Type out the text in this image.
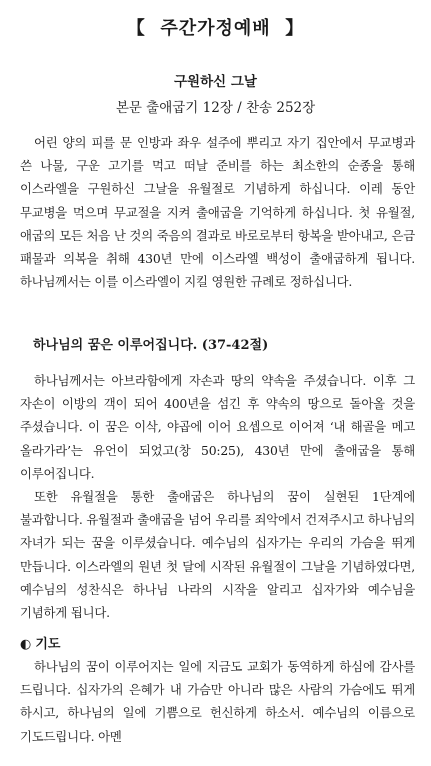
【 주간가정예배 】
구원하신 그날
본문 출애굽기 12장 / 찬송 252장

어린 양의 피를 문 인방과 좌우 설주에 뿌리고 자기 집안에서 무교병과 쓴 나물, 구운 고기를 먹고 떠날 준비를 하는 최소한의 순종을 통해 이스라엘을 구원하신 그날을 유월절로 기념하게 하십니다. 이레 동안 무교병을 먹으며 무교절을 지켜 출애굽을 기억하게 하십니다. 첫 유월절, 애굽의 모든 처음 난 것의 죽음의 결과로 바로로부터 항복을 받아내고, 은금 패물과 의복을 취해 430년 만에 이스라엘 백성이 출애굽하게 됩니다. 하나님께서는 이를 이스라엘이 지킬 영원한 규례로 정하십니다.

하나님의 꿈은 이루어집니다. (37-42절)

하나님께서는 아브라함에게 자손과 땅의 약속을 주셨습니다. 이후 그 자손이 이방의 객이 되어 400년을 섬긴 후 약속의 땅으로 돌아올 것을 주셨습니다. 이 꿈은 이삭, 야곱에 이어 요셉으로 이어져 ‘내 해골을 메고 올라가라’는 유언이 되었고(창 50:25), 430년 만에 출애굽을 통해 이루어집니다.

또한 유월절을 통한 출애굽은 하나님의 꿈이 실현된 1단계에 불과합니다. 유월절과 출애굽을 넘어 우리를 죄악에서 건져주시고 하나님의 자녀가 되는 꿈을 이루셨습니다. 예수님의 십자가는 우리의 가슴을 뛰게 만듭니다. 이스라엘의 원년 첫 달에 시작된 유월절이 그날을 기념하였다면, 예수님의 성찬식은 하나님 나라의 시작을 알리고 십자가와 예수님을 기념하게 됩니다.

◐ 기도

하나님의 꿈이 이루어지는 일에 지금도 교회가 동역하게 하심에 감사를 드립니다. 십자가의 은혜가 내 가슴만 아니라 많은 사람의 가슴에도 뛰게 하시고, 하나님의 일에 기쁨으로 헌신하게 하소서. 예수님의 이름으로 기도드립니다. 아멘
